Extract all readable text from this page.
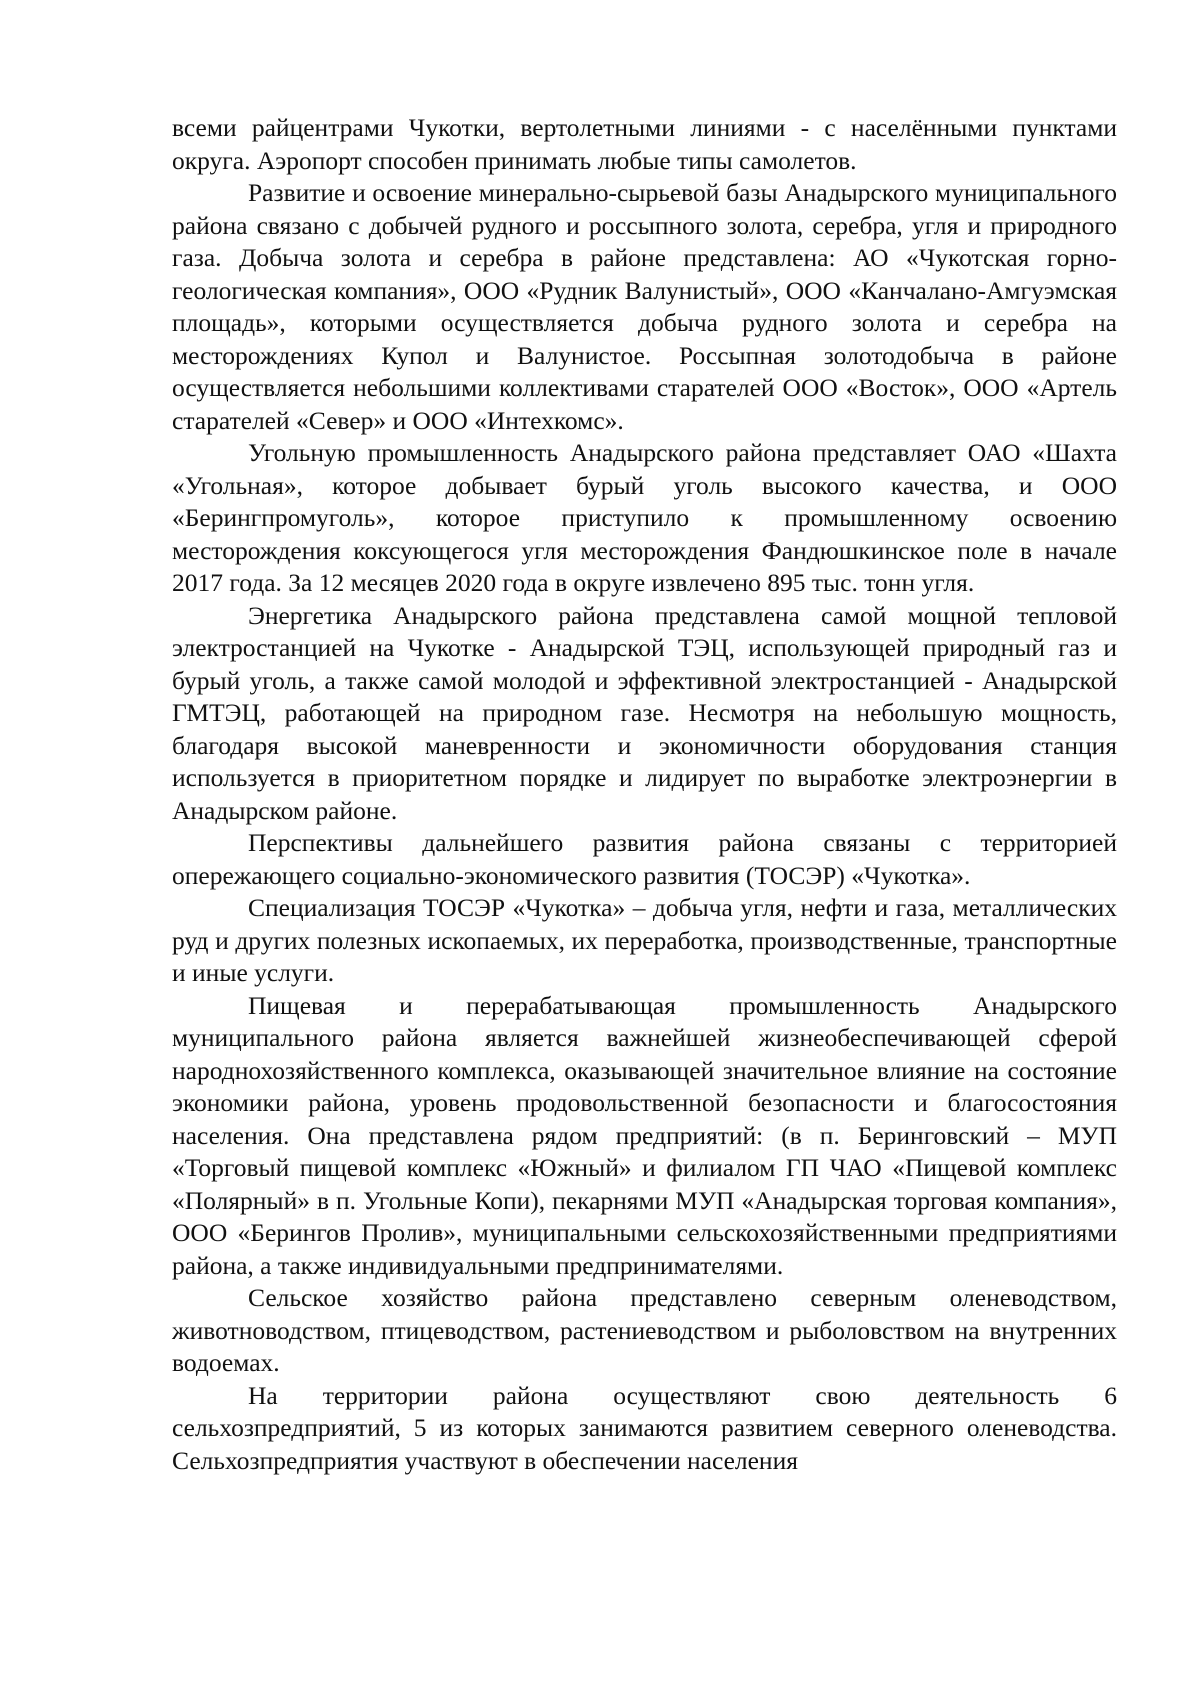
всеми райцентрами Чукотки, вертолетными линиями - с населёнными пунктами округа. Аэропорт способен принимать любые типы самолетов.

Развитие и освоение минерально-сырьевой базы Анадырского муниципального района связано с добычей рудного и россыпного золота, серебра, угля и природного газа. Добыча золота и серебра в районе представлена: АО «Чукотская горно-геологическая компания», ООО «Рудник Валунистый», ООО «Канчалано-Амгуэмская площадь», которыми осуществляется добыча рудного золота и серебра на месторождениях Купол и Валунистое. Россыпная золотодобыча в районе осуществляется небольшими коллективами старателей ООО «Восток», ООО «Артель старателей «Север» и ООО «Интехкомс».

Угольную промышленность Анадырского района представляет ОАО «Шахта «Угольная», которое добывает бурый уголь высокого качества, и ООО «Берингпромуголь», которое приступило к промышленному освоению месторождения коксующегося угля месторождения Фандюшкинское поле в начале 2017 года. За 12 месяцев 2020 года в округе извлечено 895 тыс. тонн угля.

Энергетика Анадырского района представлена самой мощной тепловой электростанцией на Чукотке - Анадырской ТЭЦ, использующей природный газ и бурый уголь, а также самой молодой и эффективной электростанцией - Анадырской ГМТЭЦ, работающей на природном газе. Несмотря на небольшую мощность, благодаря высокой маневренности и экономичности оборудования станция используется в приоритетном порядке и лидирует по выработке электроэнергии в Анадырском районе.

Перспективы дальнейшего развития района связаны с территорией опережающего социально-экономического развития (ТОСЭР) «Чукотка».

Специализация ТОСЭР «Чукотка» – добыча угля, нефти и газа, металлических руд и других полезных ископаемых, их переработка, производственные, транспортные и иные услуги.

Пищевая и перерабатывающая промышленность Анадырского муниципального района является важнейшей жизнеобеспечивающей сферой народнохозяйственного комплекса, оказывающей значительное влияние на состояние экономики района, уровень продовольственной безопасности и благосостояния населения. Она представлена рядом предприятий: (в п. Беринговский – МУП «Торговый пищевой комплекс «Южный» и филиалом ГП ЧАО «Пищевой комплекс «Полярный» в п. Угольные Копи), пекарнями МУП «Анадырская торговая компания», ООО «Берингов Пролив», муниципальными сельскохозяйственными предприятиями района, а также индивидуальными предпринимателями.

Сельское хозяйство района представлено северным оленеводством, животноводством, птицеводством, растениеводством и рыболовством на внутренних водоемах.

На территории района осуществляют свою деятельность 6 сельхозпредприятий, 5 из которых занимаются развитием северного оленеводства. Сельхозпредприятия участвуют в обеспечении населения
